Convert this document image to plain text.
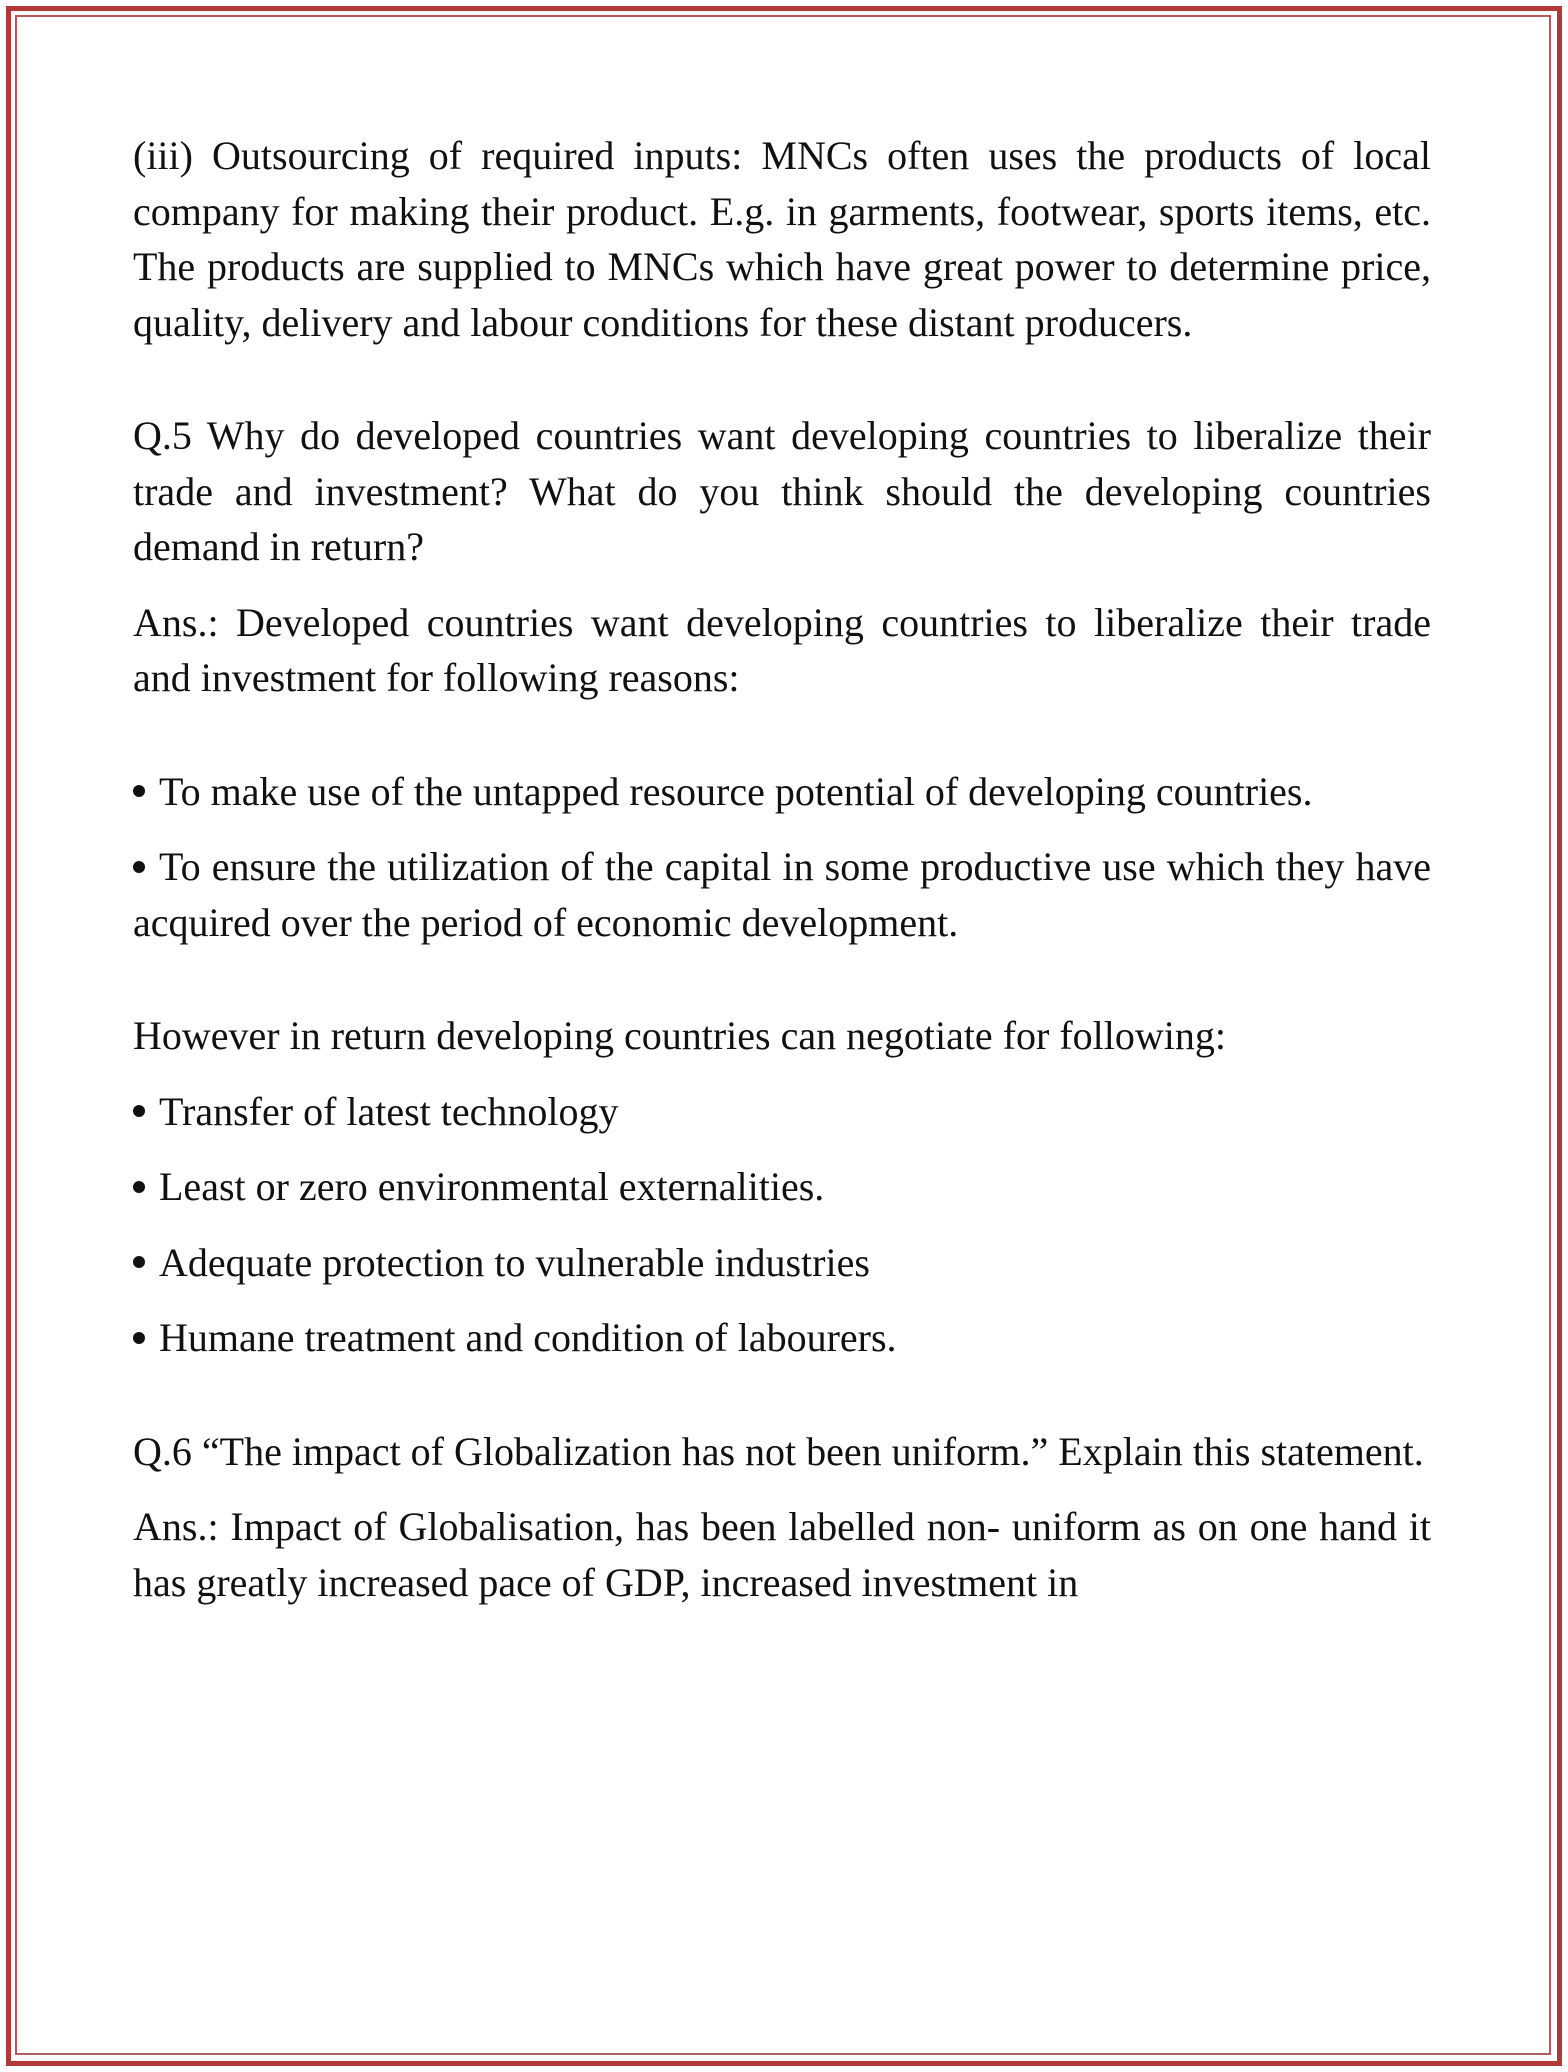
(iii) Outsourcing of required inputs: MNCs often uses the products of local company for making their product. E.g. in garments, footwear, sports items, etc. The products are supplied to MNCs which have great power to determine price, quality, delivery and labour conditions for these distant producers.

Q.5 Why do developed countries want developing countries to liberalize their trade and investment? What do you think should the developing countries demand in return?

Ans.: Developed countries want developing countries to liberalize their trade and investment for following reasons:

To make use of the untapped resource potential of developing countries.

To ensure the utilization of the capital in some productive use which they have acquired over the period of economic development.

However in return developing countries can negotiate for following:

Transfer of latest technology

Least or zero environmental externalities.

Adequate protection to vulnerable industries

Humane treatment and condition of labourers.

Q.6 “The impact of Globalization has not been uniform.” Explain this statement.

Ans.: Impact of Globalisation, has been labelled non- uniform as on one hand it has greatly increased pace of GDP, increased investment in
